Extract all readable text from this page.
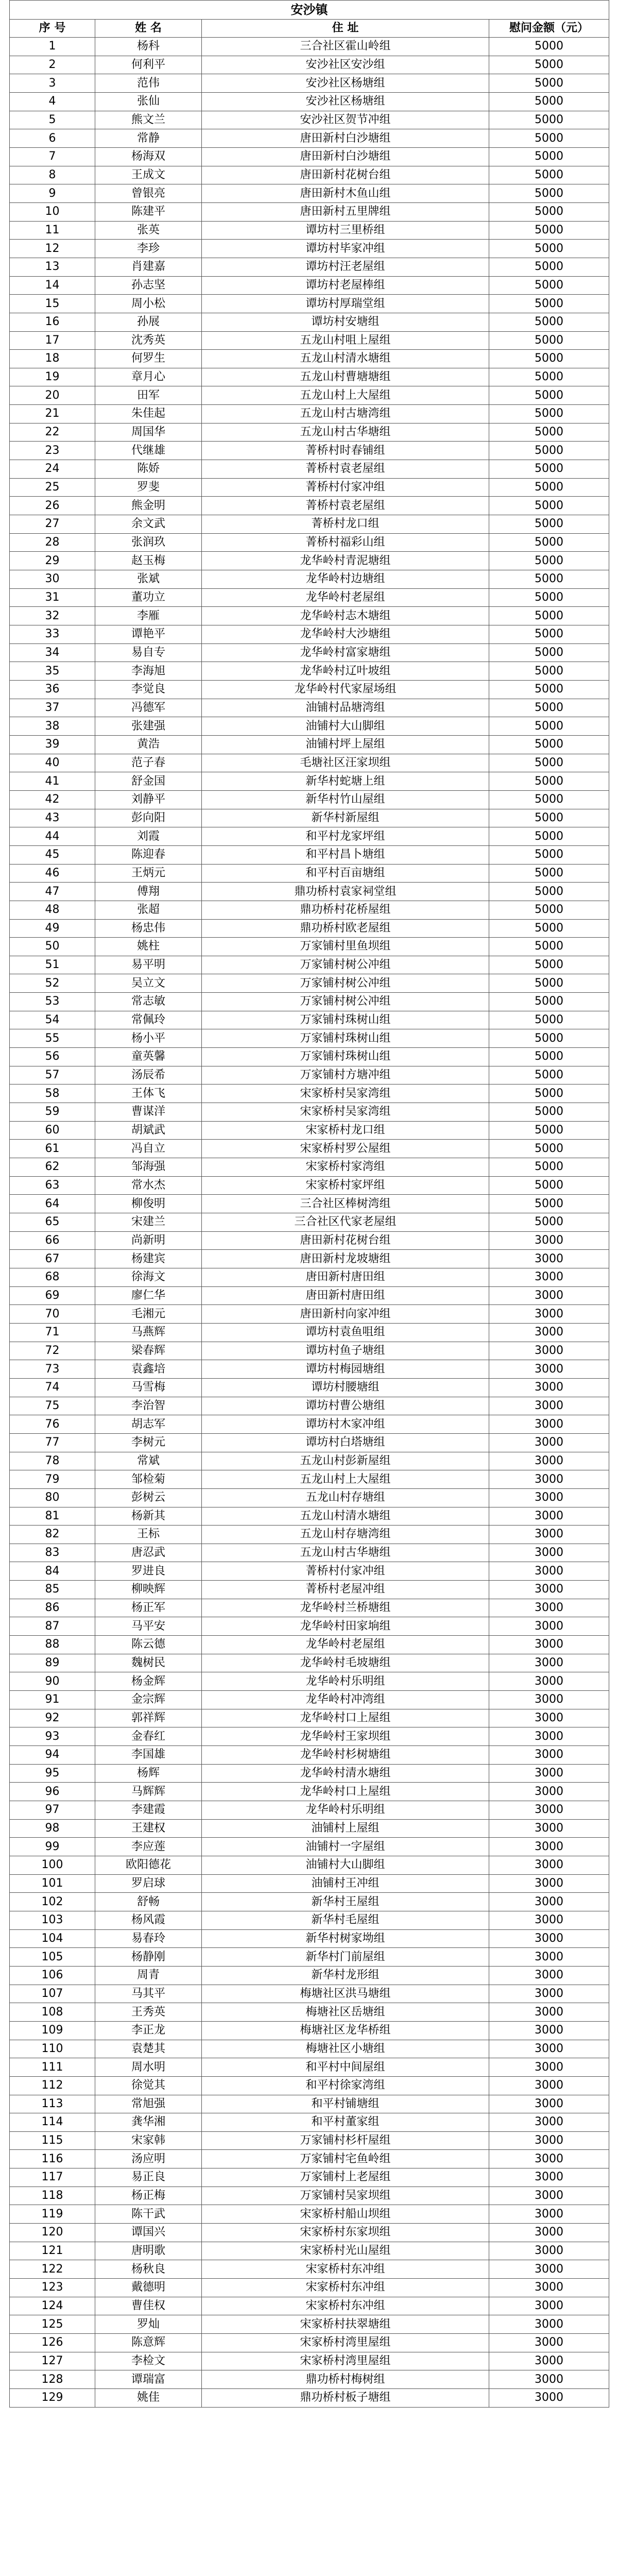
安沙镇			
序 号	姓 名	住 址	慰问金额（元）
1	杨科	三合社区霍山岭组	5000
2	何利平	安沙社区安沙组	5000
3	范伟	安沙社区杨塘组	5000
4	张仙	安沙社区杨塘组	5000
5	熊文兰	安沙社区贺节冲组	5000
6	常静	唐田新村白沙塘组	5000
7	杨海双	唐田新村白沙塘组	5000
8	王成文	唐田新村花树台组	5000
9	曾银亮	唐田新村木鱼山组	5000
10	陈建平	唐田新村五里牌组	5000
11	张英	谭坊村三里桥组	5000
12	李珍	谭坊村毕家冲组	5000
13	肖建嘉	谭坊村汪老屋组	5000
14	孙志坚	谭坊村老屋棒组	5000
15	周小松	谭坊村厚瑞堂组	5000
16	孙展	谭坊村安塘组	5000
17	沈秀英	五龙山村咀上屋组	5000
18	何罗生	五龙山村清水塘组	5000
19	章月心	五龙山村曹塘塘组	5000
20	田军	五龙山村上大屋组	5000
21	朱佳起	五龙山村古塘湾组	5000
22	周国华	五龙山村古华塘组	5000
23	代继雄	菁桥村时春铺组	5000
24	陈娇	菁桥村袁老屋组	5000
25	罗斐	菁桥村付家冲组	5000
26	熊金明	菁桥村袁老屋组	5000
27	余文武	菁桥村龙口组	5000
28	张润玖	菁桥村福彩山组	5000
29	赵玉梅	龙华岭村青泥塘组	5000
30	张斌	龙华岭村边塘组	5000
31	董功立	龙华岭村老屋组	5000
32	李雁	龙华岭村志木塘组	5000
33	谭艳平	龙华岭村大沙塘组	5000
34	易自专	龙华岭村富家塘组	5000
35	李海旭	龙华岭村辽叶坡组	5000
36	李觉良	龙华岭村代家屋场组	5000
37	冯德军	油铺村品塘湾组	5000
38	张建强	油铺村大山脚组	5000
39	黄浩	油铺村坪上屋组	5000
40	范子春	毛塘社区汪家坝组	5000
41	舒金国	新华村蛇塘上组	5000
42	刘静平	新华村竹山屋组	5000
43	彭向阳	新华村新屋组	5000
44	刘霞	和平村龙家坪组	5000
45	陈迎春	和平村昌卜塘组	5000
46	王炳元	和平村百亩塘组	5000
47	傅翔	鼎功桥村袁家祠堂组	5000
48	张超	鼎功桥村花桥屋组	5000
49	杨忠伟	鼎功桥村欧老屋组	5000
50	姚柱	万家铺村里鱼坝组	5000
51	易平明	万家铺村树公冲组	5000
52	吴立文	万家铺村树公冲组	5000
53	常志敏	万家铺村树公冲组	5000
54	常佩玲	万家铺村珠树山组	5000
55	杨小平	万家铺村珠树山组	5000
56	童英馨	万家铺村珠树山组	5000
57	汤辰希	万家铺村方塘冲组	5000
58	王体飞	宋家桥村吴家湾组	5000
59	曹谋洋	宋家桥村吴家湾组	5000
60	胡斌武	宋家桥村龙口组	5000
61	冯自立	宋家桥村罗公屋组	5000
62	邹海强	宋家桥村家湾组	5000
63	常水杰	宋家桥村家坪组	5000
64	柳俊明	三合社区棒树湾组	5000
65	宋建兰	三合社区代家老屋组	5000
66	尚新明	唐田新村花树台组	3000
67	杨建宾	唐田新村龙坡塘组	3000
68	徐海文	唐田新村唐田组	3000
69	廖仁华	唐田新村唐田组	3000
70	毛湘元	唐田新村向家冲组	3000
71	马燕辉	谭坊村袁鱼咀组	3000
72	梁春辉	谭坊村鱼子塘组	3000
73	袁鑫培	谭坊村梅园塘组	3000
74	马雪梅	谭坊村腰塘组	3000
75	李治智	谭坊村曹公塘组	3000
76	胡志军	谭坊村木家冲组	3000
77	李树元	谭坊村白塔塘组	3000
78	常斌	五龙山村彭新屋组	3000
79	邹检菊	五龙山村上大屋组	3000
80	彭树云	五龙山村存塘组	3000
81	杨新其	五龙山村清水塘组	3000
82	王标	五龙山村存塘湾组	3000
83	唐忍武	五龙山村古华塘组	3000
84	罗进良	菁桥村付家冲组	3000
85	柳映辉	菁桥村老屋冲组	3000
86	杨正军	龙华岭村兰桥塘组	3000
87	马平安	龙华岭村田家垧组	3000
88	陈云德	龙华岭村老屋组	3000
89	魏树民	龙华岭村毛坡塘组	3000
90	杨金辉	龙华岭村乐明组	3000
91	金宗辉	龙华岭村冲湾组	3000
92	郭祥辉	龙华岭村口上屋组	3000
93	金春红	龙华岭村王家坝组	3000
94	李国雄	龙华岭村杉树塘组	3000
95	杨辉	龙华岭村清水塘组	3000
96	马辉辉	龙华岭村口上屋组	3000
97	李建霞	龙华岭村乐明组	3000
98	王建权	油铺村上屋组	3000
99	李应莲	油铺村一字屋组	3000
100	欧阳德花	油铺村大山脚组	3000
101	罗启球	油铺村王冲组	3000
102	舒畅	新华村王屋组	3000
103	杨风霞	新华村毛屋组	3000
104	易春玲	新华村树家坳组	3000
105	杨静刚	新华村门前屋组	3000
106	周青	新华村龙形组	3000
107	马其平	梅塘社区洪马塘组	3000
108	王秀英	梅塘社区岳塘组	3000
109	李正龙	梅塘社区龙华桥组	3000
110	袁楚其	梅塘社区小塘组	3000
111	周水明	和平村中间屋组	3000
112	徐觉其	和平村徐家湾组	3000
113	常旭强	和平村铺塘组	3000
114	龚华湘	和平村董家组	3000
115	宋家韩	万家铺村杉杆屋组	3000
116	汤应明	万家铺村宅鱼岭组	3000
117	易正良	万家铺村上老屋组	3000
118	杨正梅	万家铺村吴家坝组	3000
119	陈干武	宋家桥村船山坝组	3000
120	谭国兴	宋家桥村东家坝组	3000
121	唐明歌	宋家桥村光山屋组	3000
122	杨秋良	宋家桥村东冲组	3000
123	戴德明	宋家桥村东冲组	3000
124	曹佳权	宋家桥村东冲组	3000
125	罗灿	宋家桥村扶翠塘组	3000
126	陈意辉	宋家桥村湾里屋组	3000
127	李检文	宋家桥村湾里屋组	3000
128	谭瑞富	鼎功桥村梅树组	3000
129	姚佳	鼎功桥村板子塘组	3000
